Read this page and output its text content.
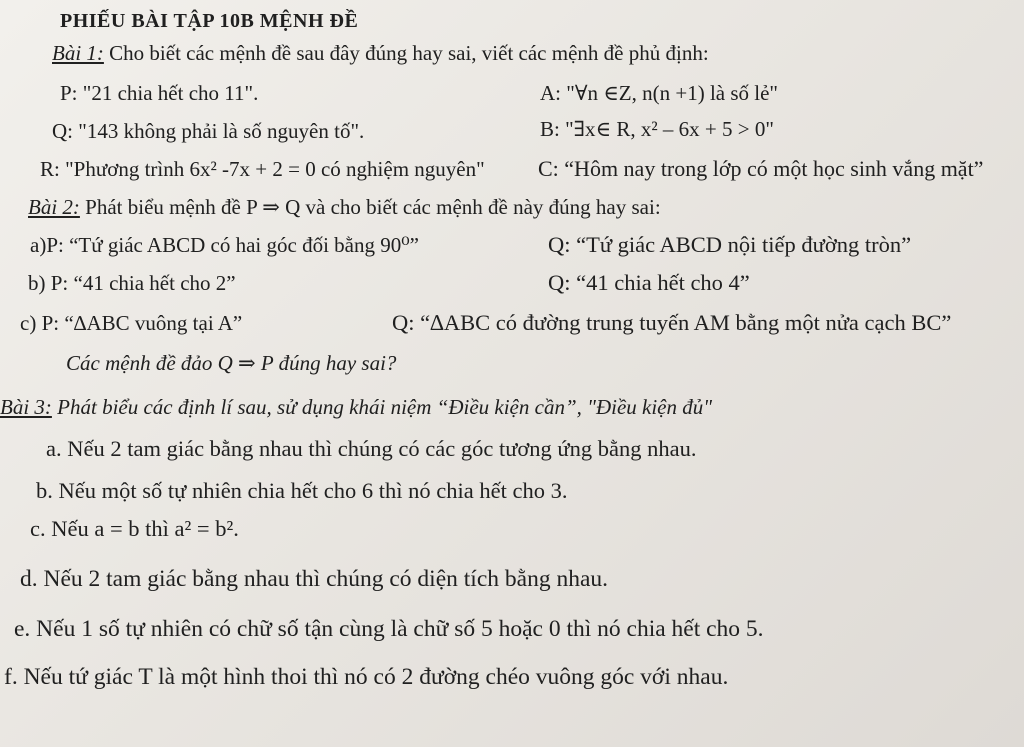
PHIẾU BÀI TẬP 10B MỆNH ĐỀ
Bài 1: Cho biết các mệnh đề sau đây đúng hay sai, viết các mệnh đề phủ định:
P: "21 chia hết cho 11".	A: "∀n ∈Z, n(n +1) là số lẻ"
Q: "143 không phải là số nguyên tố".	B: "∃x∈ R, x² – 6x + 5 > 0"
R: "Phương trình 6x² -7x + 2 = 0 có nghiệm nguyên" C: “Hôm nay trong lớp có một học sinh vắng mặt”
Bài 2: Phát biểu mệnh đề P ⇒ Q và cho biết các mệnh đề này đúng hay sai:
a)P: “Tứ giác ABCD có hai góc đối bằng 90⁰”	Q: “Tứ giác ABCD nội tiếp đường tròn”
b) P: “41 chia hết cho 2”	Q: “41 chia hết cho 4”
c) P: “∆ABC vuông tại A”	Q: “∆ABC có đường trung tuyến AM bằng một nửa cạch BC”
Các mệnh đề đảo Q ⇒ P đúng hay sai?
Bài 3: Phát biểu các định lí sau, sử dụng khái niệm “Điều kiện cần”, "Điều kiện đủ"
a. Nếu 2 tam giác bằng nhau thì chúng có các góc tương ứng bằng nhau.
b. Nếu một số tự nhiên chia hết cho 6 thì nó chia hết cho 3.
c. Nếu a = b thì a² = b².
d. Nếu 2 tam giác bằng nhau thì chúng có diện tích bằng nhau.
e. Nếu 1 số tự nhiên có chữ số tận cùng là chữ số 5 hoặc 0 thì nó chia hết cho 5.
f. Nếu tứ giác T là một hình thoi thì nó có 2 đường chéo vuông góc với nhau.
